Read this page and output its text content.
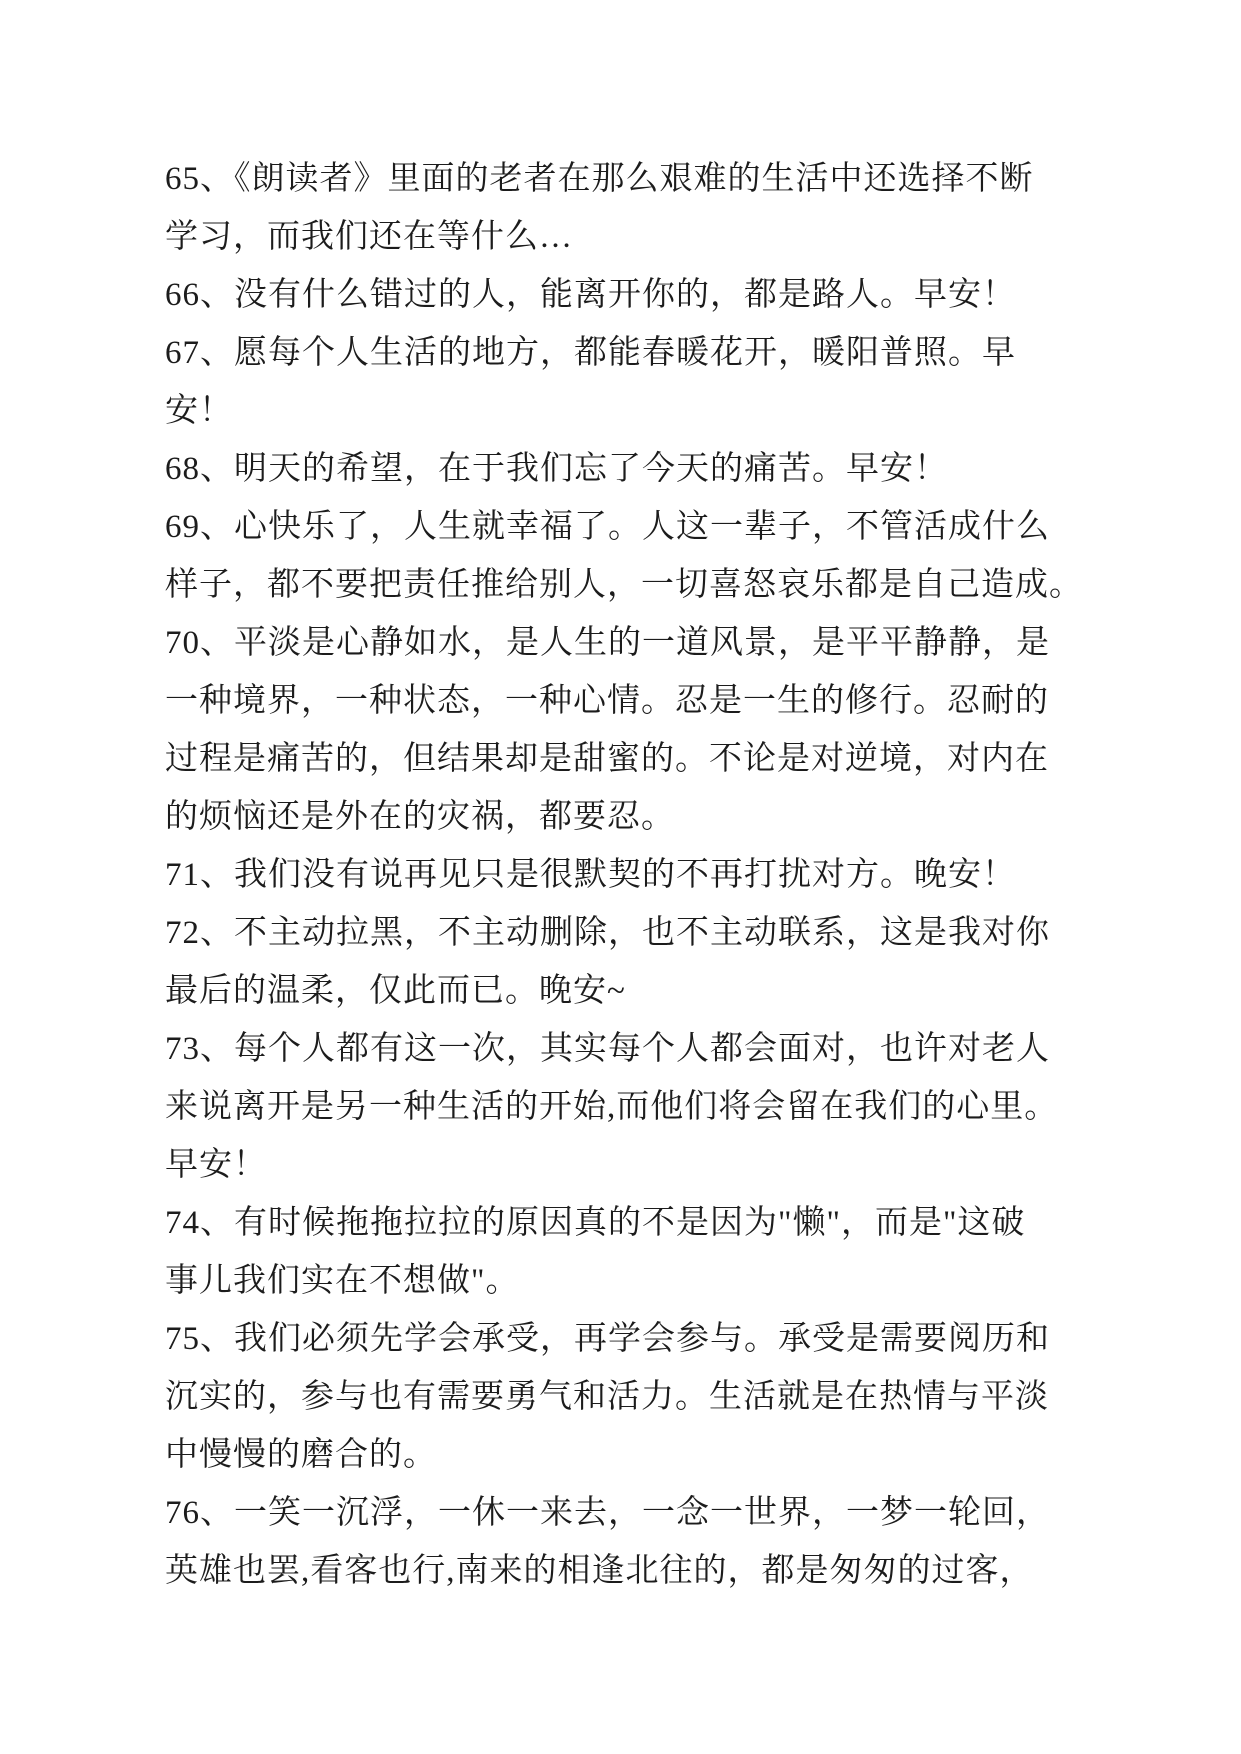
65、《朗读者》里面的老者在那么艰难的生活中还选择不断

学习，而我们还在等什么…

66、没有什么错过的人，能离开你的，都是路人。早安！

67、愿每个人生活的地方，都能春暖花开，暖阳普照。早安！

68、明天的希望，在于我们忘了今天的痛苦。早安！

69、心快乐了，人生就幸福了。人这一辈子，不管活成什么

样子，都不要把责任推给别人，一切喜怒哀乐都是自己造成。

70、平淡是心静如水，是人生的一道风景，是平平静静，是

一种境界，一种状态，一种心情。忍是一生的修行。忍耐的

过程是痛苦的，但结果却是甜蜜的。不论是对逆境，对内在

的烦恼还是外在的灾祸，都要忍。

71、我们没有说再见只是很默契的不再打扰对方。晚安！

72、不主动拉黑，不主动删除，也不主动联系，这是我对你

最后的温柔，仅此而已。晚安~

73、每个人都有这一次，其实每个人都会面对，也许对老人

来说离开是另一种生活的开始,而他们将会留在我们的心里。

早安！

74、有时候拖拖拉拉的原因真的不是因为"懒"，而是"这破

事儿我们实在不想做"。

75、我们必须先学会承受，再学会参与。承受是需要阅历和

沉实的，参与也有需要勇气和活力。生活就是在热情与平淡

中慢慢的磨合的。

76、一笑一沉浮，一休一来去，一念一世界，一梦一轮回，

英雄也罢,看客也行,南来的相逢北往的，都是匆匆的过客，
